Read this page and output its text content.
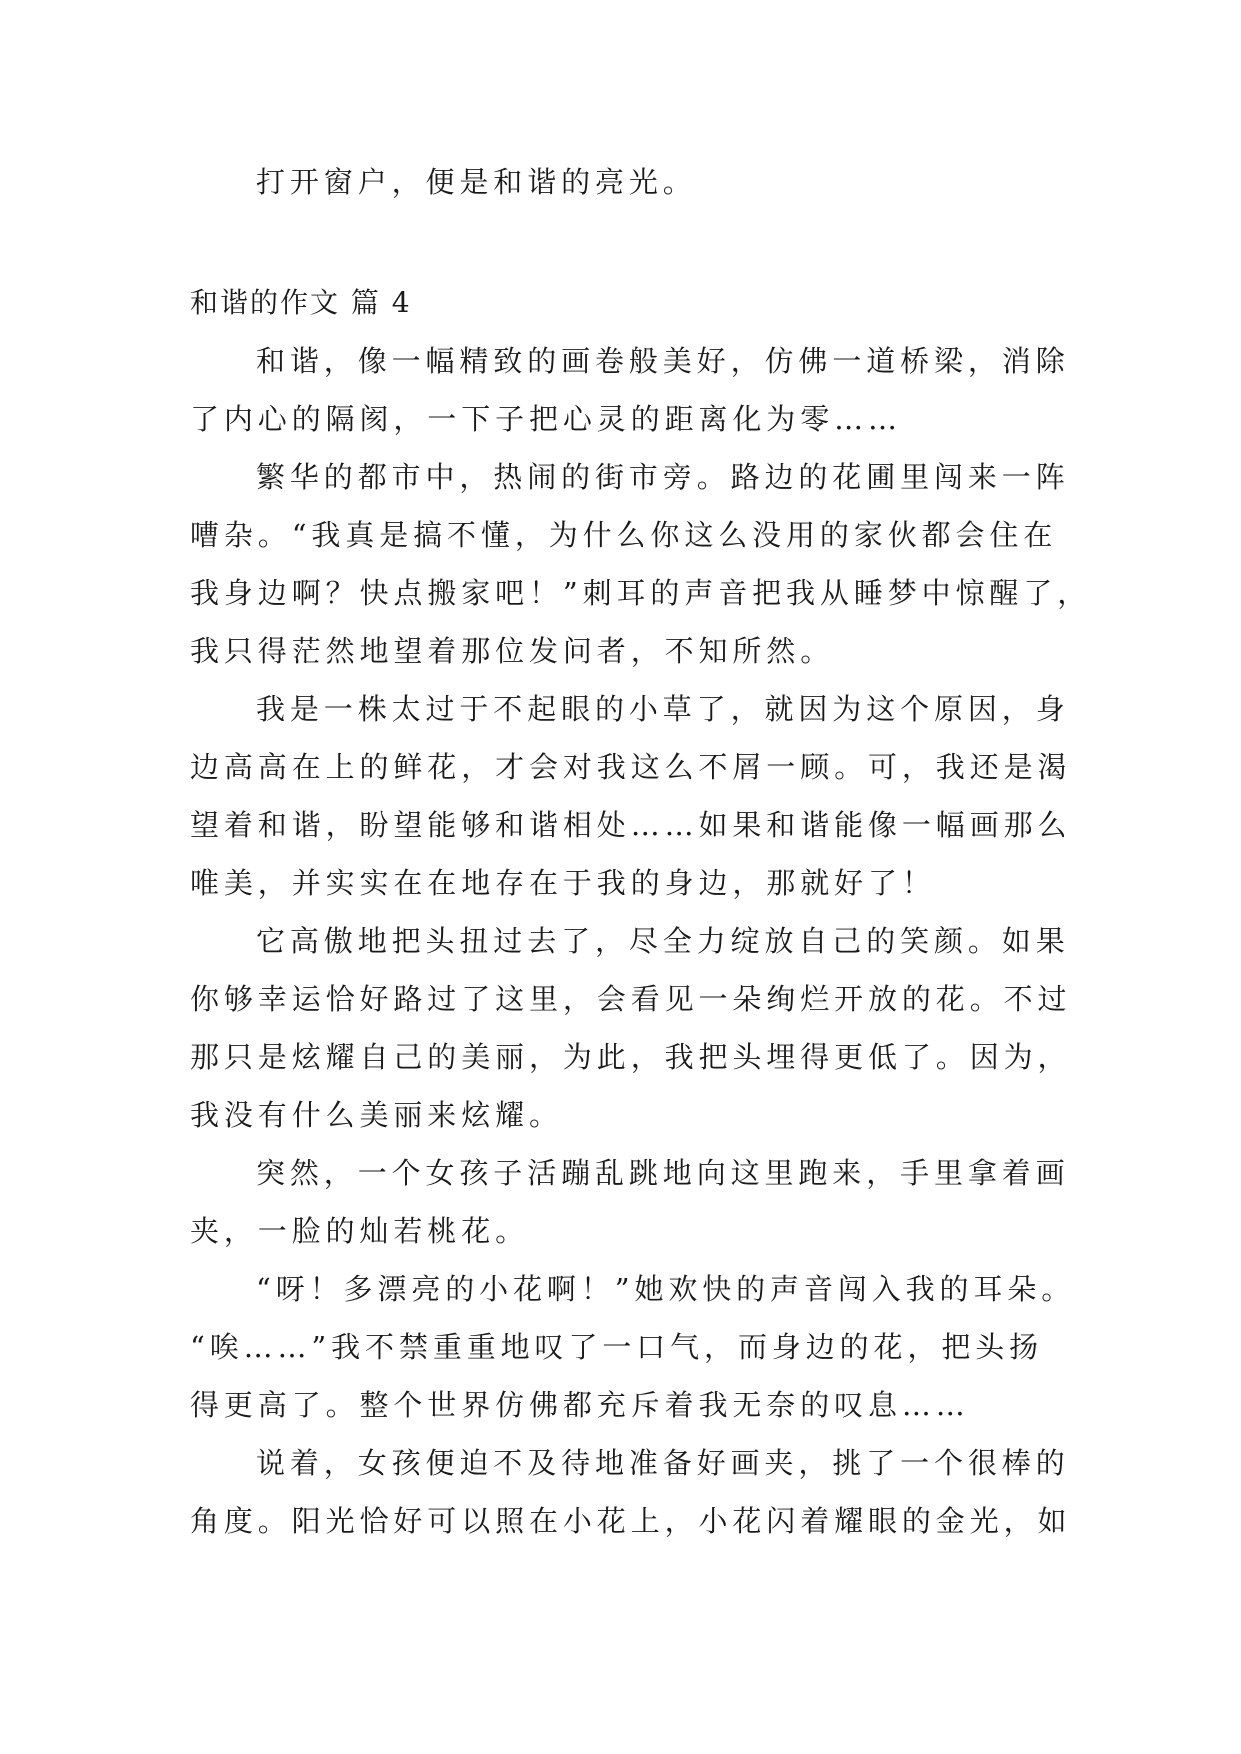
打开窗户，便是和谐的亮光。
和谐的作文 篇 4
和谐，像一幅精致的画卷般美好，仿佛一道桥梁，消除
了内心的隔阂，一下子把心灵的距离化为零……
繁华的都市中，热闹的街市旁。路边的花圃里闯来一阵
嘈杂。“我真是搞不懂，为什么你这么没用的家伙都会住在
我身边啊？快点搬家吧！”刺耳的声音把我从睡梦中惊醒了，
我只得茫然地望着那位发问者，不知所然。
我是一株太过于不起眼的小草了，就因为这个原因，身
边高高在上的鲜花，才会对我这么不屑一顾。可，我还是渴
望着和谐，盼望能够和谐相处……如果和谐能像一幅画那么
唯美，并实实在在地存在于我的身边，那就好了！
它高傲地把头扭过去了，尽全力绽放自己的笑颜。如果
你够幸运恰好路过了这里，会看见一朵绚烂开放的花。不过
那只是炫耀自己的美丽，为此，我把头埋得更低了。因为，
我没有什么美丽来炫耀。
突然，一个女孩子活蹦乱跳地向这里跑来，手里拿着画
夹，一脸的灿若桃花。
“呀！多漂亮的小花啊！”她欢快的声音闯入我的耳朵。
“唉……”我不禁重重地叹了一口气，而身边的花，把头扬
得更高了。整个世界仿佛都充斥着我无奈的叹息……
说着，女孩便迫不及待地准备好画夹，挑了一个很棒的
角度。阳光恰好可以照在小花上，小花闪着耀眼的金光，如
